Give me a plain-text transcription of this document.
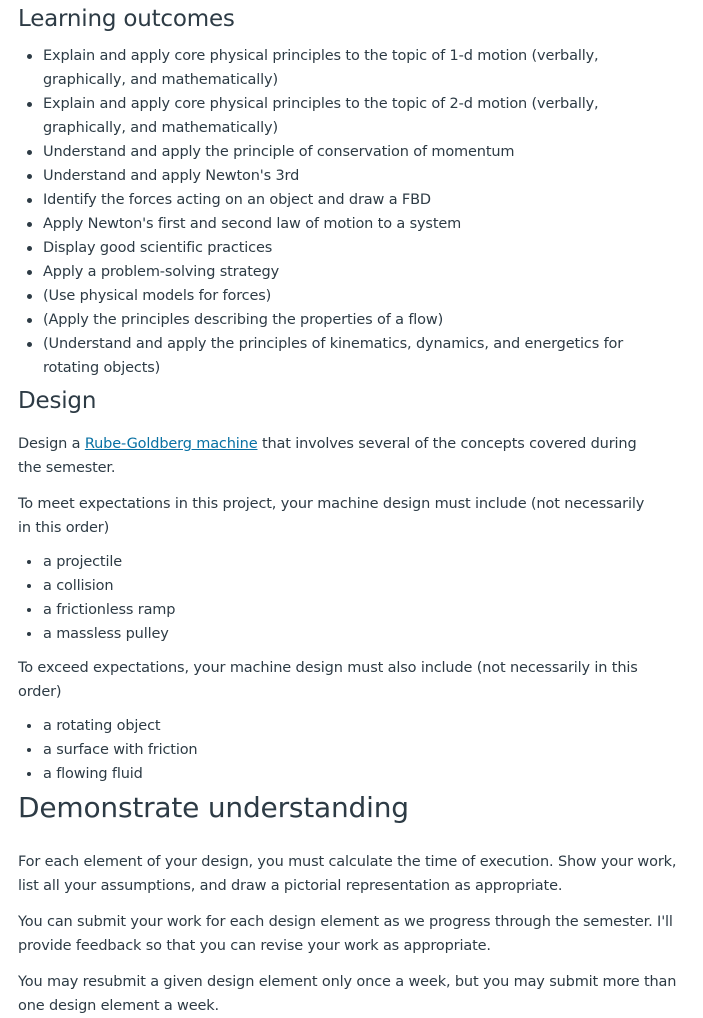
Learning outcomes
Explain and apply core physical principles to the topic of 1-d motion (verbally, graphically, and mathematically)
Explain and apply core physical principles to the topic of 2-d motion (verbally, graphically, and mathematically)
Understand and apply the principle of conservation of momentum
Understand and apply Newton's 3rd
Identify the forces acting on an object and draw a FBD
Apply Newton's first and second law of motion to a system
Display good scientific practices
Apply a problem-solving strategy
(Use physical models for forces)
(Apply the principles describing the properties of a flow)
(Understand and apply the principles of kinematics, dynamics, and energetics for rotating objects)
Design

Design a Rube-Goldberg machine that involves several of the concepts covered during the semester.

To meet expectations in this project, your machine design must include (not necessarily in this order)

a projectile
a collision
a frictionless ramp
a massless pulley

To exceed expectations, your machine design must also include (not necessarily in this order)

a rotating object
a surface with friction
a flowing fluid
Demonstrate understanding

For each element of your design, you must calculate the time of execution. Show your work, list all your assumptions, and draw a pictorial representation as appropriate.

You can submit your work for each design element as we progress through the semester. I'll provide feedback so that you can revise your work as appropriate.

You may resubmit a given design element only once a week, but you may submit more than one design element a week.
